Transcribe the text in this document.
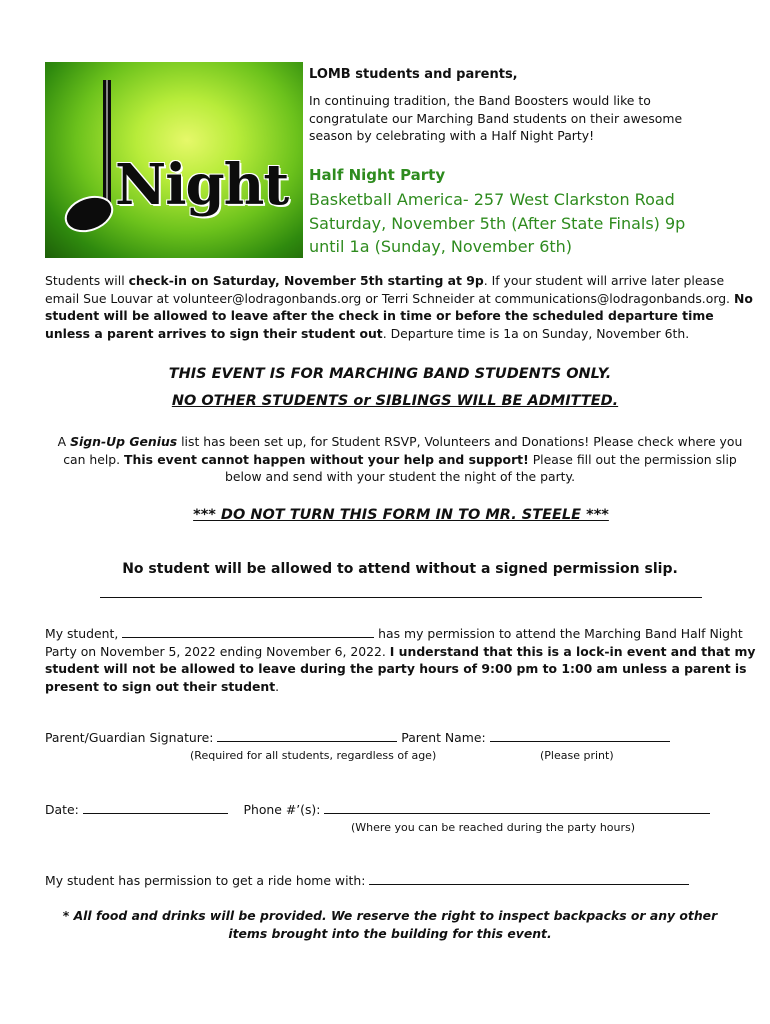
Night
LOMB students and parents,
In continuing tradition, the Band Boosters would like to congratulate our Marching Band students on their awesome season by celebrating with a Half Night Party!
Half Night Party
Basketball America- 257 West Clarkston Road
Saturday, November 5th (After State Finals) 9p
until 1a (Sunday, November 6th)
Students will check-in on Saturday, November 5th starting at 9p. If your student will arrive later please email Sue Louvar at volunteer@lodragonbands.org or Terri Schneider at communications@lodragonbands.org. No student will be allowed to leave after the check in time or before the scheduled departure time unless a parent arrives to sign their student out. Departure time is 1a on Sunday, November 6th.
THIS EVENT IS FOR MARCHING BAND STUDENTS ONLY.
NO OTHER STUDENTS or SIBLINGS WILL BE ADMITTED.
A Sign-Up Genius list has been set up, for Student RSVP, Volunteers and Donations! Please check where you can help. This event cannot happen without your help and support! Please fill out the permission slip below and send with your student the night of the party.
*** DO NOT TURN THIS FORM IN TO MR. STEELE ***
No student will be allowed to attend without a signed permission slip.
My student,	has my permission to attend the Marching Band Half Night Party on November 5, 2022 ending November 6, 2022. I understand that this is a lock-in event and that my student will not be allowed to leave during the party hours of 9:00 pm to 1:00 am unless a parent is present to sign out their student.
Parent/Guardian Signature:	Parent Name:
(Required for all students, regardless of age)	(Please print)
Date:	Phone #’(s):
(Where you can be reached during the party hours)
My student has permission to get a ride home with:
* All food and drinks will be provided. We reserve the right to inspect backpacks or any other items brought into the building for this event.
